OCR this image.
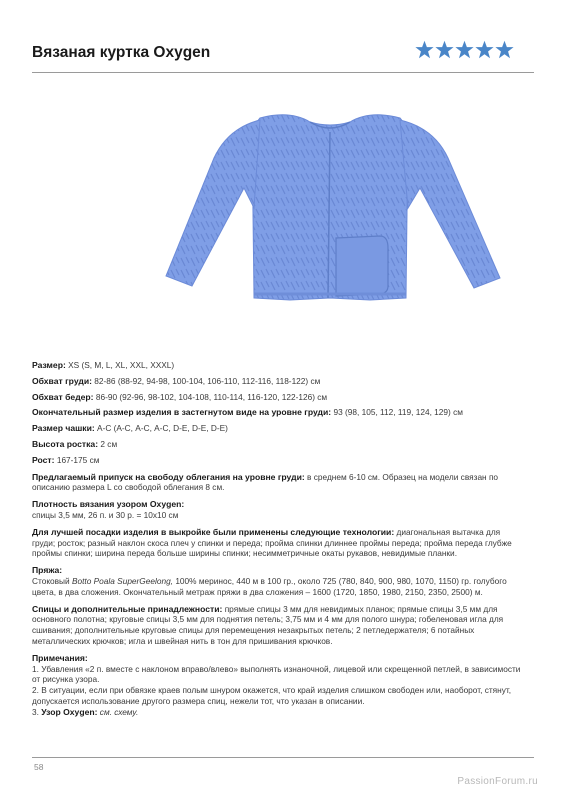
Вязаная куртка Oxygen

Размер: XS (S, M, L, XL, XXL, XXXL)

Обхват груди: 82-86 (88-92, 94-98, 100-104, 106-110, 112-116, 118-122) см

Обхват бедер: 86-90 (92-96, 98-102, 104-108, 110-114, 116-120, 122-126) см

Окончательный размер изделия в застегнутом виде на уровне груди: 93 (98, 105, 112, 119, 124, 129) см

Размер чашки: А-С (А-С, А-С, А-С, D-E, D-E, D-E)

Высота ростка: 2 см

Рост: 167-175 см

Предлагаемый припуск на свободу облегания на уровне груди: в среднем 6-10 см. Образец на модели связан по описанию размера L со свободой облегания 8 см.

Плотность вязания узором Oxygen:
спицы 3,5 мм, 26 п. и 30 р. = 10х10 см

Для лучшей посадки изделия в выкройке были применены следующие технологии: диагональная вытачка для груди; росток; разный наклон скоса плеч у спинки и переда; пройма спинки длиннее проймы переда; пройма переда глубже проймы спинки; ширина переда больше ширины спинки; несимметричные окаты рукавов, невидимые планки.

Пряжа:
Стоковый Botto Poala SuperGeelong, 100% меринос, 440 м в 100 гр., около 725 (780, 840, 900, 980, 1070, 1150) гр. голубого цвета, в два сложения. Окончательный метраж пряжи в два сложения – 1600 (1720, 1850, 1980, 2150, 2350, 2500) м.

Спицы и дополнительные принадлежности: прямые спицы 3 мм для невидимых планок; прямые спицы 3,5 мм для основного полотна; круговые спицы 3,5 мм для поднятия петель; 3,75 мм и 4 мм для полого шнура; гобеленовая игла для сшивания; дополнительные круговые спицы для перемещения незакрытых петель; 2 петледержателя; 6 потайных металлических крючков; игла и швейная нить в тон для пришивания крючков.

Примечания:
1. Убавления «2 п. вместе с наклоном вправо/влево» выполнять изнаночной, лицевой или скрещенной петлей, в зависимости от рисунка узора.
2. В ситуации, если при обвязке краев полым шнуром окажется, что край изделия слишком свободен или, наоборот, стянут, допускается использование другого размера спиц, нежели тот, что указан в описании.
3. Узор Oxygen: см. схему.

58
PassionForum.ru
